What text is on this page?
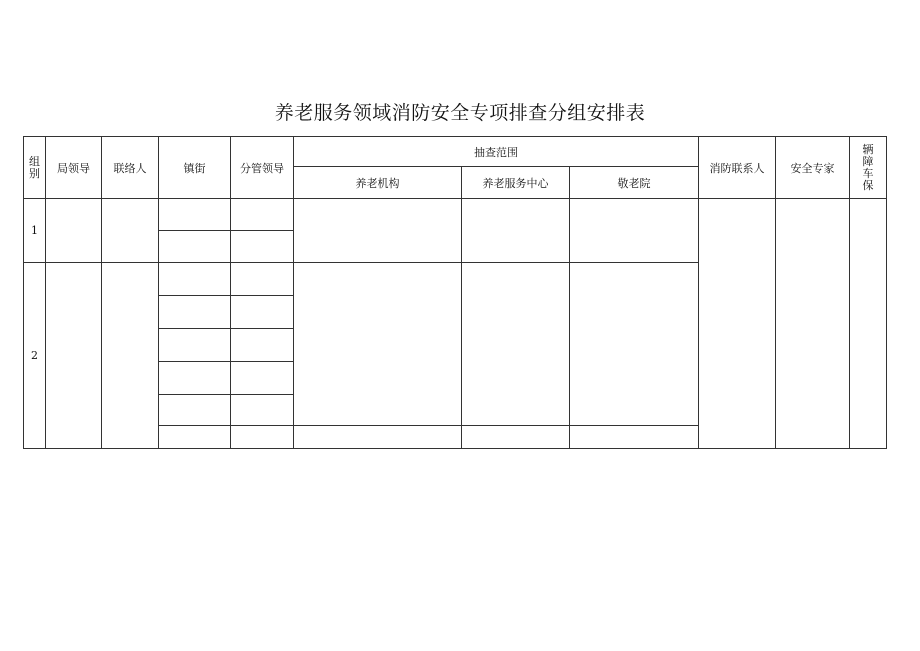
养老服务领域消防安全专项排查分组安排表
组别	局领导	联络人	镇街	分管领导	抽查范围			消防联系人	安全专家	辆障车保
					养老机构	养老服务中心	敬老院			
1										

2										
